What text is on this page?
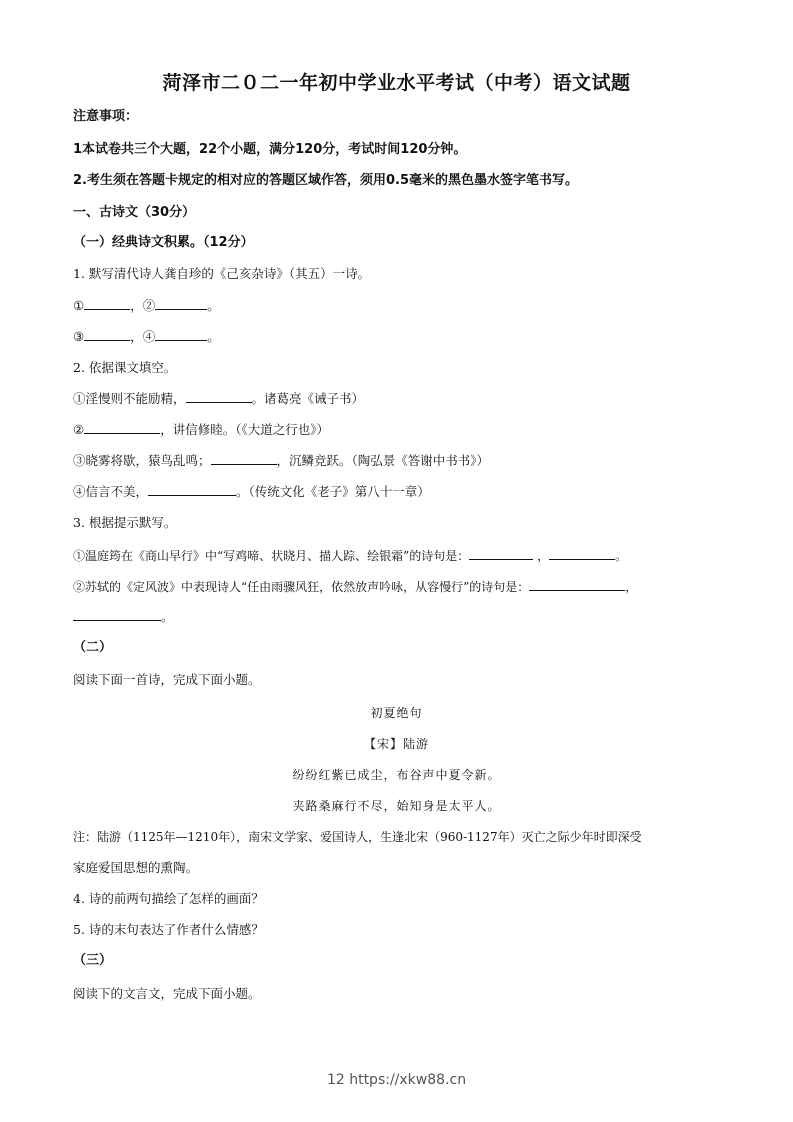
菏泽市二０二一年初中学业水平考试（中考）语文试题
注意事项：
1本试卷共三个大题，22个小题，满分120分，考试时间120分钟。
2.考生须在答题卡规定的相对应的答题区域作答，须用0.5毫米的黑色墨水签字笔书写。
一、古诗文（30分）
（一）经典诗文积累。（12分）
1. 默写清代诗人龚自珍的《己亥杂诗》（其五）一诗。
①	，②	。
③	，④	。
2. 依据课文填空。
①淫慢则不能励精，	。诸葛亮《诫子书）
②	，讲信修睦。（《大道之行也》）
③晓雾将歇，猿鸟乱鸣；	，沉鳞竞跃。（陶弘景《答谢中书书》）
④信言不美，	。（传统文化《老子》第八十一章）
3. 根据提示默写。
①温庭筠在《商山早行》中“写鸡啼、状晓月、描人踪、绘银霜”的诗句是：	，	。
②苏轼的《定风波》中表现诗人“任由雨骤风狂，依然放声吟咏，从容慢行”的诗句是：	，
。
（二）
阅读下面一首诗，完成下面小题。
初夏绝句
【宋】陆游
纷纷红紫已成尘，布谷声中夏令新。
夹路桑麻行不尽，始知身是太平人。
注：陆游（1125年—1210年），南宋文学家、爱国诗人，生逢北宋（960-1127年）灭亡之际少年时即深受
家庭爱国思想的熏陶。
4. 诗的前两句描绘了怎样的画面？
5. 诗的末句表达了作者什么情感？
（三）
阅读下的文言文，完成下面小题。
12 https://xkw88.cn
